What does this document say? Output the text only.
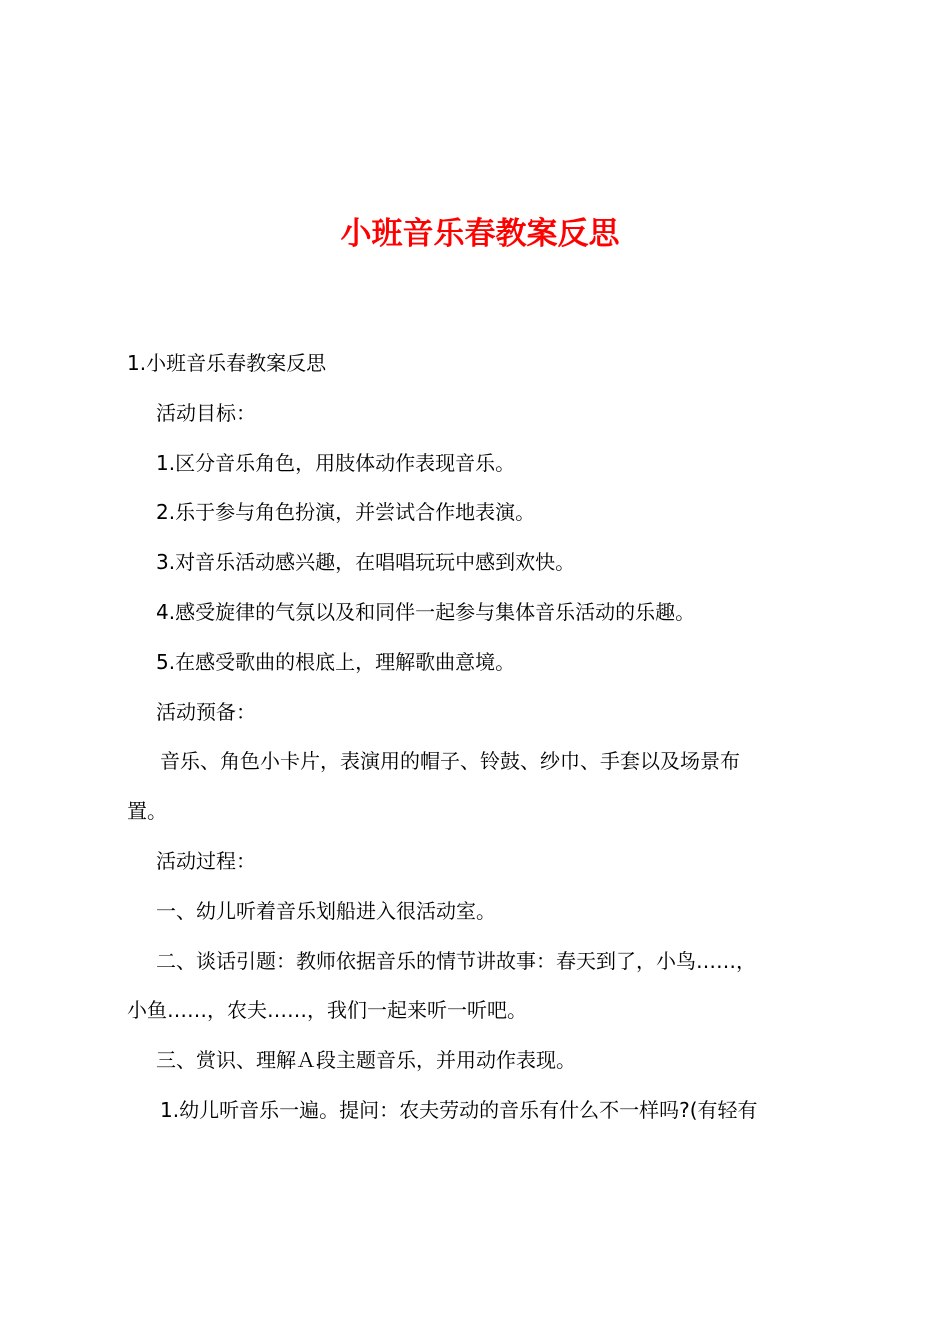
小班音乐春教案反思

1.小班音乐春教案反思

活动目标：

1.区分音乐角色，用肢体动作表现音乐。

2.乐于参与角色扮演，并尝试合作地表演。

3.对音乐活动感兴趣，在唱唱玩玩中感到欢快。

4.感受旋律的气氛以及和同伴一起参与集体音乐活动的乐趣。

5.在感受歌曲的根底上，理解歌曲意境。

活动预备：

音乐、角色小卡片，表演用的帽子、铃鼓、纱巾、手套以及场景布

置。

活动过程：

一、幼儿听着音乐划船进入很活动室。

二、谈话引题：教师依据音乐的情节讲故事：春天到了，小鸟……，

小鱼……，农夫……，我们一起来听一听吧。

三、赏识、理解Ａ段主题音乐，并用动作表现。

1.幼儿听音乐一遍。提问：农夫劳动的音乐有什么不一样吗?(有轻有
